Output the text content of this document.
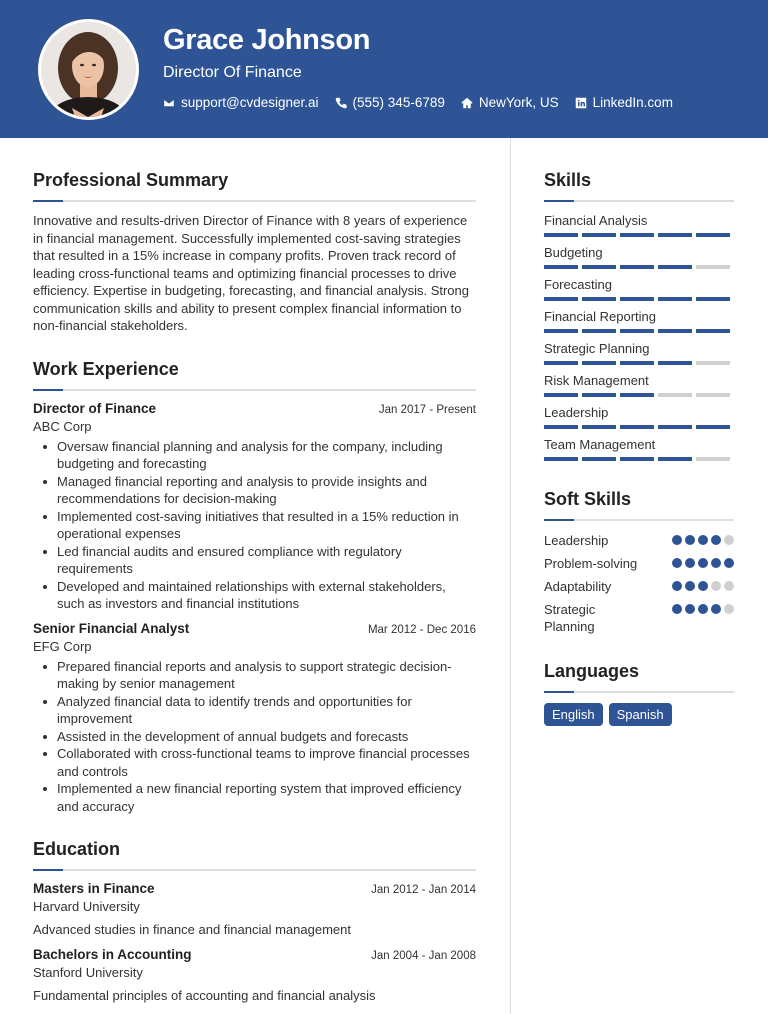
Grace Johnson
Director Of Finance
support@cvdesigner.ai	(555) 345-6789	NewYork, US	LinkedIn.com
Professional Summary

Innovative and results-driven Director of Finance with 8 years of experience in financial management. Successfully implemented cost-saving strategies that resulted in a 15% increase in company profits. Proven track record of leading cross-functional teams and optimizing financial processes to drive efficiency. Expertise in budgeting, forecasting, and financial analysis. Strong communication skills and ability to present complex financial information to non-financial stakeholders.

Work Experience
Director of Finance	Jan 2017 - Present
ABC Corp
Oversaw financial planning and analysis for the company, including budgeting and forecasting
Managed financial reporting and analysis to provide insights and recommendations for decision-making
Implemented cost-saving initiatives that resulted in a 15% reduction in operational expenses
Led financial audits and ensured compliance with regulatory requirements
Developed and maintained relationships with external stakeholders, such as investors and financial institutions
Senior Financial Analyst	Mar 2012 - Dec 2016
EFG Corp
Prepared financial reports and analysis to support strategic decision-making by senior management
Analyzed financial data to identify trends and opportunities for improvement
Assisted in the development of annual budgets and forecasts
Collaborated with cross-functional teams to improve financial processes and controls
Implemented a new financial reporting system that improved efficiency and accuracy
Education
Masters in Finance	Jan 2012 - Jan 2014
Harvard University
Advanced studies in finance and financial management
Bachelors in Accounting	Jan 2004 - Jan 2008
Stanford University
Fundamental principles of accounting and financial analysis
Skills
Financial Analysis
Budgeting
Forecasting
Financial Reporting
Strategic Planning
Risk Management
Leadership
Team Management
Soft Skills
Leadership
Problem-solving
Adaptability
Strategic Planning
Languages
English	Spanish
